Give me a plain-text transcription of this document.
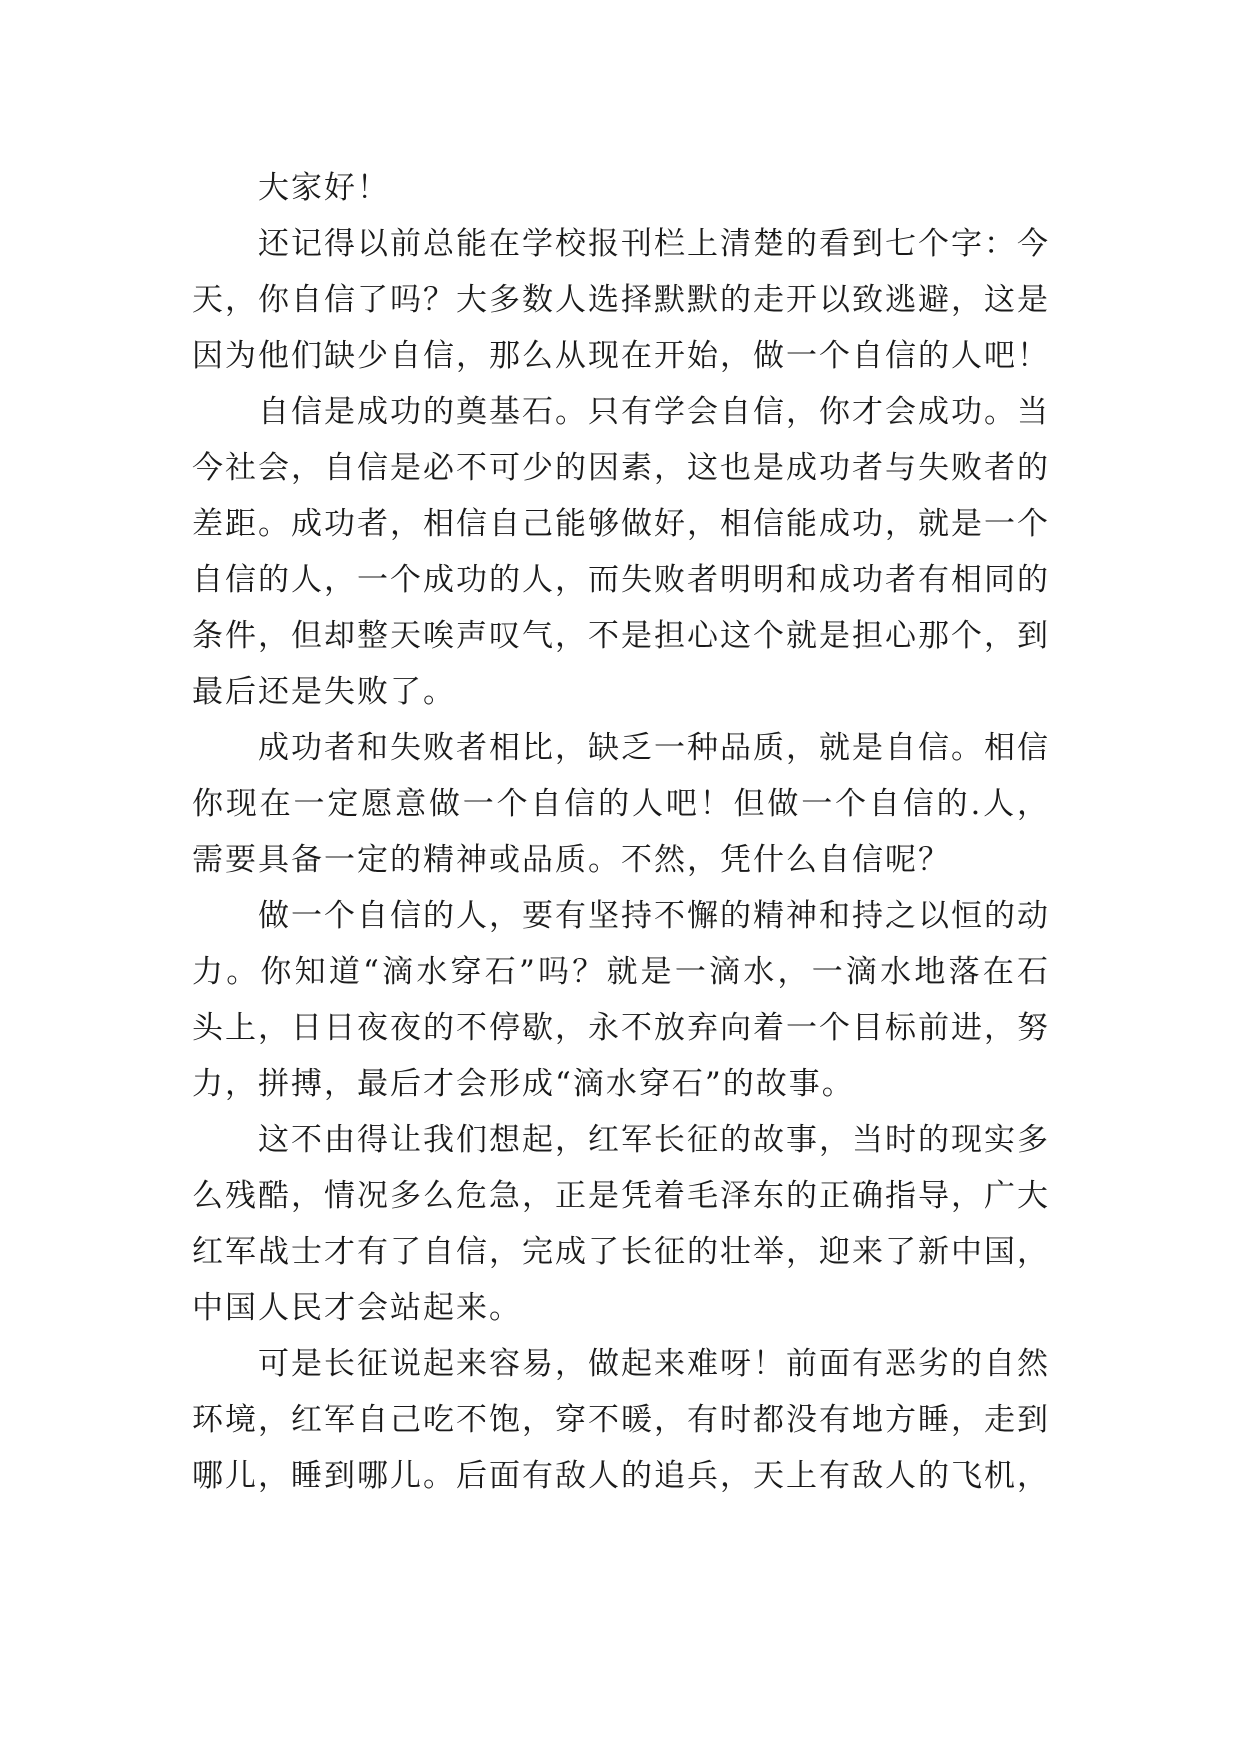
大家好！

还记得以前总能在学校报刊栏上清楚的看到七个字：今天，你自信了吗？大多数人选择默默的走开以致逃避，这是因为他们缺少自信，那么从现在开始，做一个自信的人吧！

自信是成功的奠基石。只有学会自信，你才会成功。当今社会，自信是必不可少的因素，这也是成功者与失败者的差距。成功者，相信自己能够做好，相信能成功，就是一个自信的人，一个成功的人，而失败者明明和成功者有相同的条件，但却整天唉声叹气，不是担心这个就是担心那个，到最后还是失败了。

成功者和失败者相比，缺乏一种品质，就是自信。相信你现在一定愿意做一个自信的人吧！但做一个自信的.人，需要具备一定的精神或品质。不然，凭什么自信呢？

做一个自信的人，要有坚持不懈的精神和持之以恒的动力。你知道“滴水穿石”吗？就是一滴水，一滴水地落在石头上，日日夜夜的不停歇，永不放弃向着一个目标前进，努力，拼搏，最后才会形成“滴水穿石”的故事。

这不由得让我们想起，红军长征的故事，当时的现实多么残酷，情况多么危急，正是凭着毛泽东的正确指导，广大红军战士才有了自信，完成了长征的壮举，迎来了新中国，中国人民才会站起来。

可是长征说起来容易，做起来难呀！前面有恶劣的自然环境，红军自己吃不饱，穿不暖，有时都没有地方睡，走到哪儿，睡到哪儿。后面有敌人的追兵，天上有敌人的飞机，
